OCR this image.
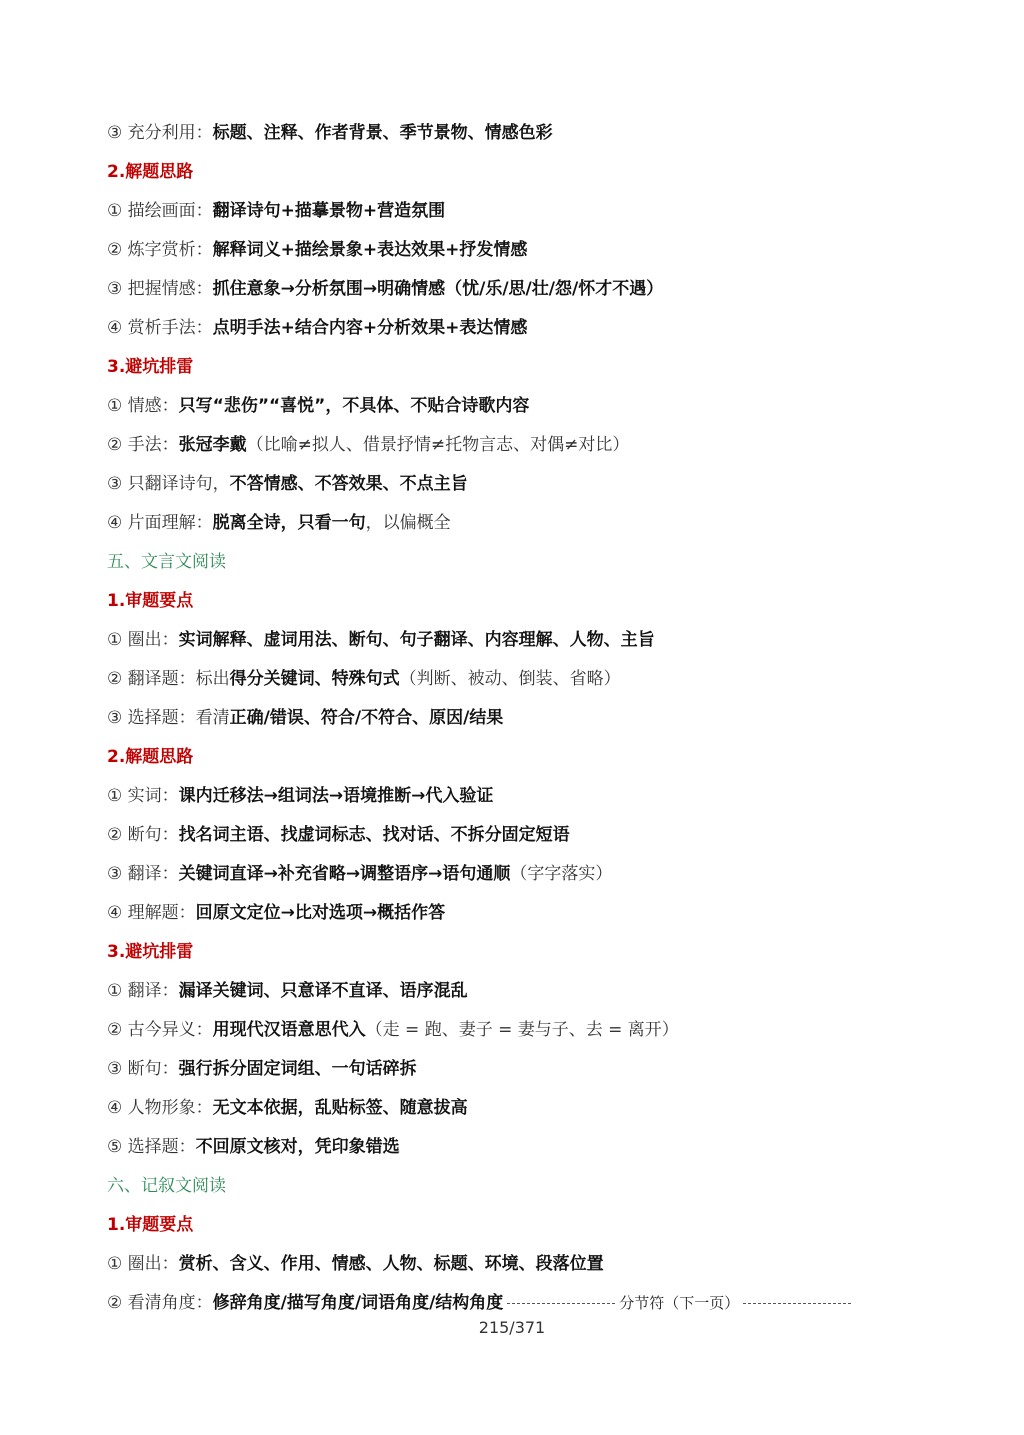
215/371
③ 充分利用：标题、注释、作者背景、季节景物、情感色彩
2.解题思路
① 描绘画面：翻译诗句+描摹景物+营造氛围
② 炼字赏析：解释词义+描绘景象+表达效果+抒发情感
③ 把握情感：抓住意象→分析氛围→明确情感（忧/乐/思/壮/怨/怀才不遇）
④ 赏析手法：点明手法+结合内容+分析效果+表达情感
3.避坑排雷
① 情感：只写“悲伤”“喜悦”，不具体、不贴合诗歌内容
② 手法：张冠李戴（比喻≠拟人、借景抒情≠托物言志、对偶≠对比）
③ 只翻译诗句，不答情感、不答效果、不点主旨
④ 片面理解：脱离全诗，只看一句，以偏概全
五、文言文阅读
1.审题要点
① 圈出：实词解释、虚词用法、断句、句子翻译、内容理解、人物、主旨
② 翻译题：标出得分关键词、特殊句式（判断、被动、倒装、省略）
③ 选择题：看清正确/错误、符合/不符合、原因/结果
2.解题思路
① 实词：课内迁移法→组词法→语境推断→代入验证
② 断句：找名词主语、找虚词标志、找对话、不拆分固定短语
③ 翻译：关键词直译→补充省略→调整语序→语句通顺（字字落实）
④ 理解题：回原文定位→比对选项→概括作答
3.避坑排雷
① 翻译：漏译关键词、只意译不直译、语序混乱
② 古今异义：用现代汉语意思代入（走 = 跑、妻子 = 妻与子、去 = 离开）
③ 断句：强行拆分固定词组、一句话碎拆
④ 人物形象：无文本依据，乱贴标签、随意拔高
⑤ 选择题：不回原文核对，凭印象错选
六、记叙文阅读
1.审题要点
① 圈出：赏析、含义、作用、情感、人物、标题、环境、段落位置
② 看清角度：修辞角度/描写角度/词语角度/结构角度	分节符（下一页）
